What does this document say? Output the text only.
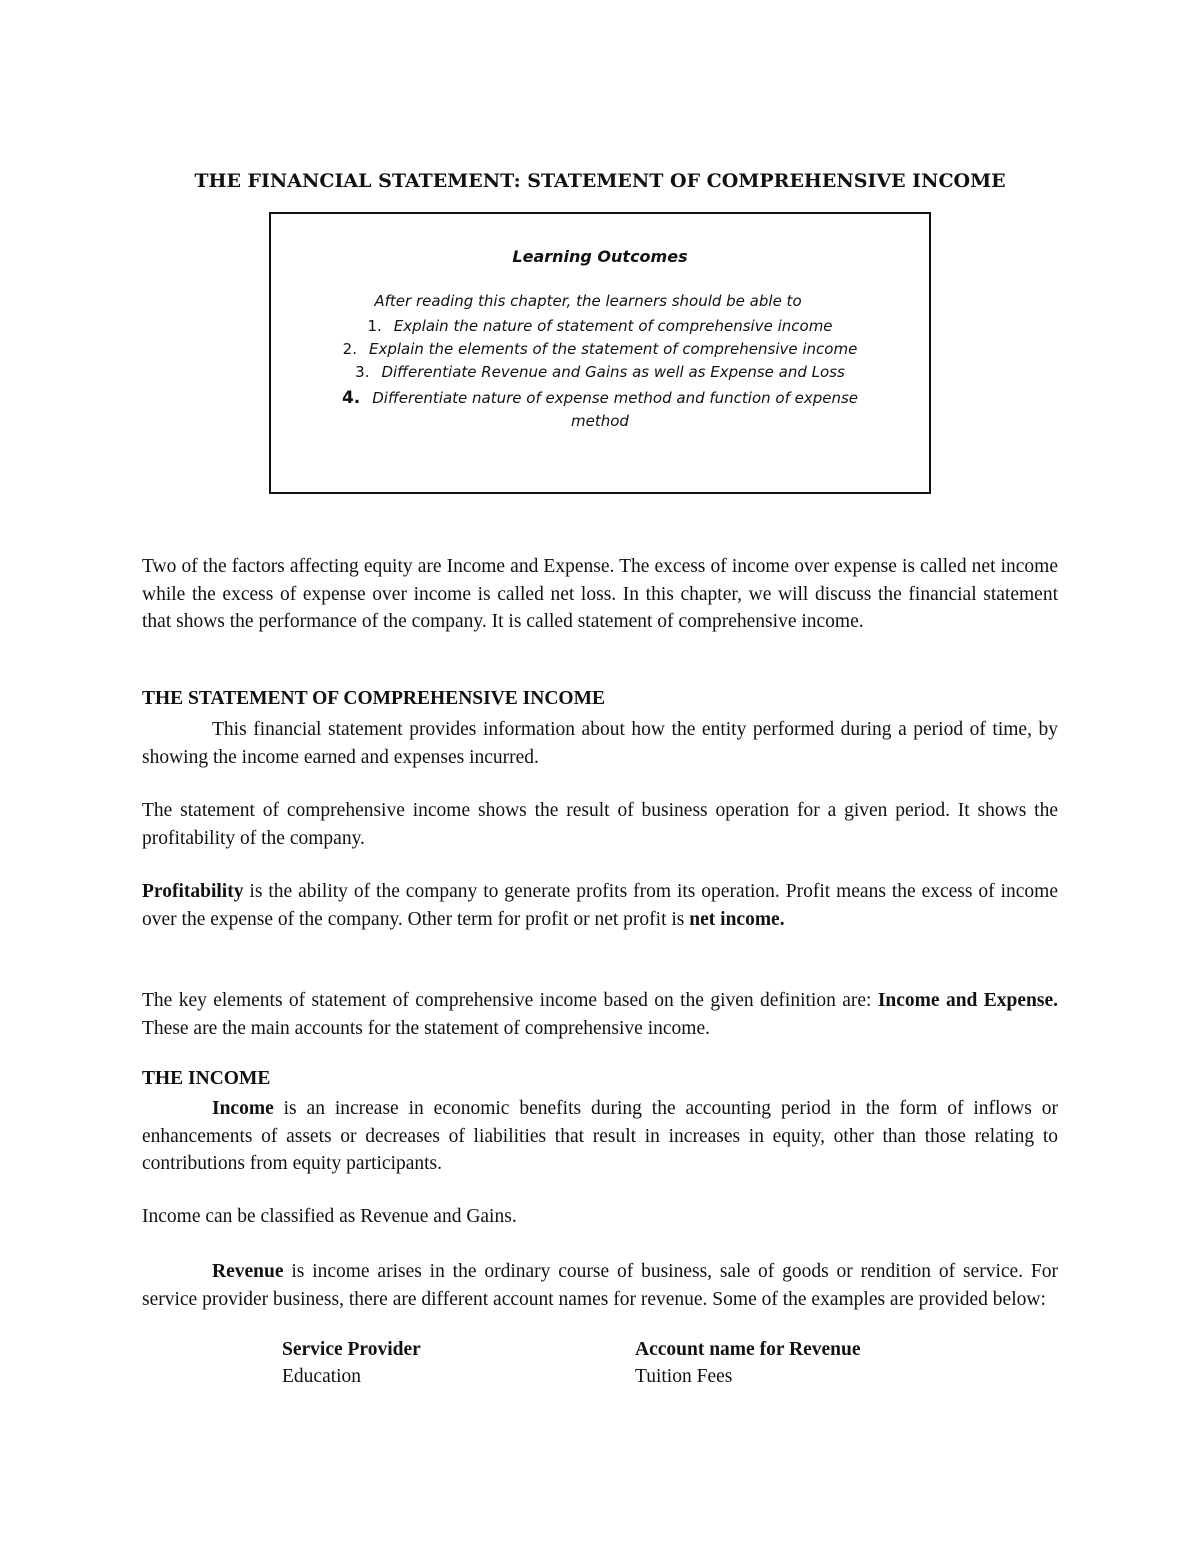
THE FINANCIAL STATEMENT: STATEMENT OF COMPREHENSIVE INCOME
Learning Outcomes
After reading this chapter, the learners should be able to
1. Explain the nature of statement of comprehensive income
2. Explain the elements of the statement of comprehensive income
3. Differentiate Revenue and Gains as well as Expense and Loss
4. Differentiate nature of expense method and function of expense
method

Two of the factors affecting equity are Income and Expense. The excess of income over expense is called net income while the excess of expense over income is called net loss. In this chapter, we will discuss the financial statement that shows the performance of the company. It is called statement of comprehensive income.

THE STATEMENT OF COMPREHENSIVE INCOME

This financial statement provides information about how the entity performed during a period of time, by showing the income earned and expenses incurred.

The statement of comprehensive income shows the result of business operation for a given period. It shows the profitability of the company.

Profitability is the ability of the company to generate profits from its operation. Profit means the excess of income over the expense of the company. Other term for profit or net profit is net income.

The key elements of statement of comprehensive income based on the given definition are: Income and Expense. These are the main accounts for the statement of comprehensive income.

THE INCOME

Income is an increase in economic benefits during the accounting period in the form of inflows or enhancements of assets or decreases of liabilities that result in increases in equity, other than those relating to contributions from equity participants.

Income can be classified as Revenue and Gains.

Revenue is income arises in the ordinary course of business, sale of goods or rendition of service. For service provider business, there are different account names for revenue. Some of the examples are provided below:

Service Provider	Account name for Revenue
Education	Tuition Fees
